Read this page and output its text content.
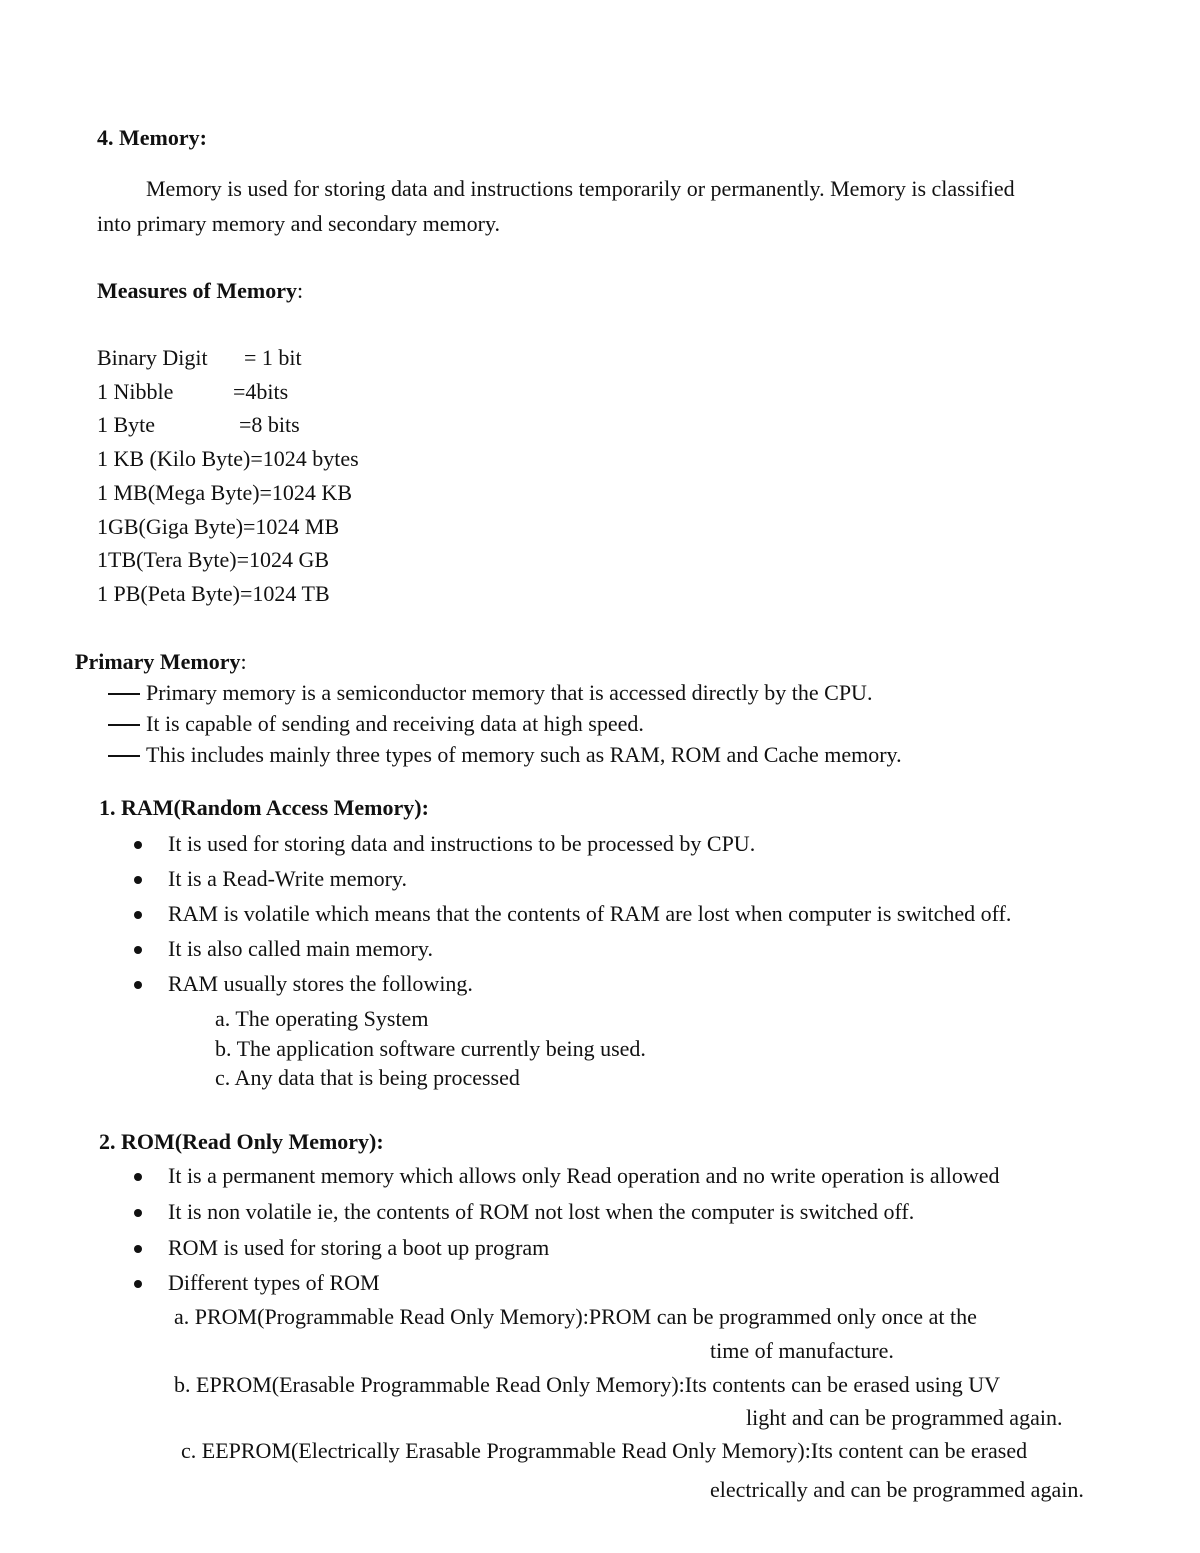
4. Memory:
Memory is used for storing data and instructions temporarily or permanently. Memory is classified
into primary memory and secondary memory.
Measures of Memory:
Binary Digit = 1 bit
1 Nibble	=4bits
1 Byte	=8 bits
1 KB (Kilo Byte)=1024 bytes
1 MB(Mega Byte)=1024 KB
1GB(Giga Byte)=1024 MB
1TB(Tera Byte)=1024 GB
1 PB(Peta Byte)=1024 TB
Primary Memory:
Primary memory is a semiconductor memory that is accessed directly by the CPU.
It is capable of sending and receiving data at high speed.
This includes mainly three types of memory such as RAM, ROM and Cache memory.
1. RAM(Random Access Memory):
It is used for storing data and instructions to be processed by CPU.
It is a Read-Write memory.
RAM is volatile which means that the contents of RAM are lost when computer is switched off.
It is also called main memory.
RAM usually stores the following.
a. The operating System
b. The application software currently being used.
c. Any data that is being processed
2. ROM(Read Only Memory):
It is a permanent memory which allows only Read operation and no write operation is allowed
It is non volatile ie, the contents of ROM not lost when the computer is switched off.
ROM is used for storing a boot up program
Different types of ROM
a. PROM(Programmable Read Only Memory):PROM can be programmed only once at the
time of manufacture.
b. EPROM(Erasable Programmable Read Only Memory):Its contents can be erased using UV
light and can be programmed again.
c. EEPROM(Electrically Erasable Programmable Read Only Memory):Its content can be erased
electrically and can be programmed again.
